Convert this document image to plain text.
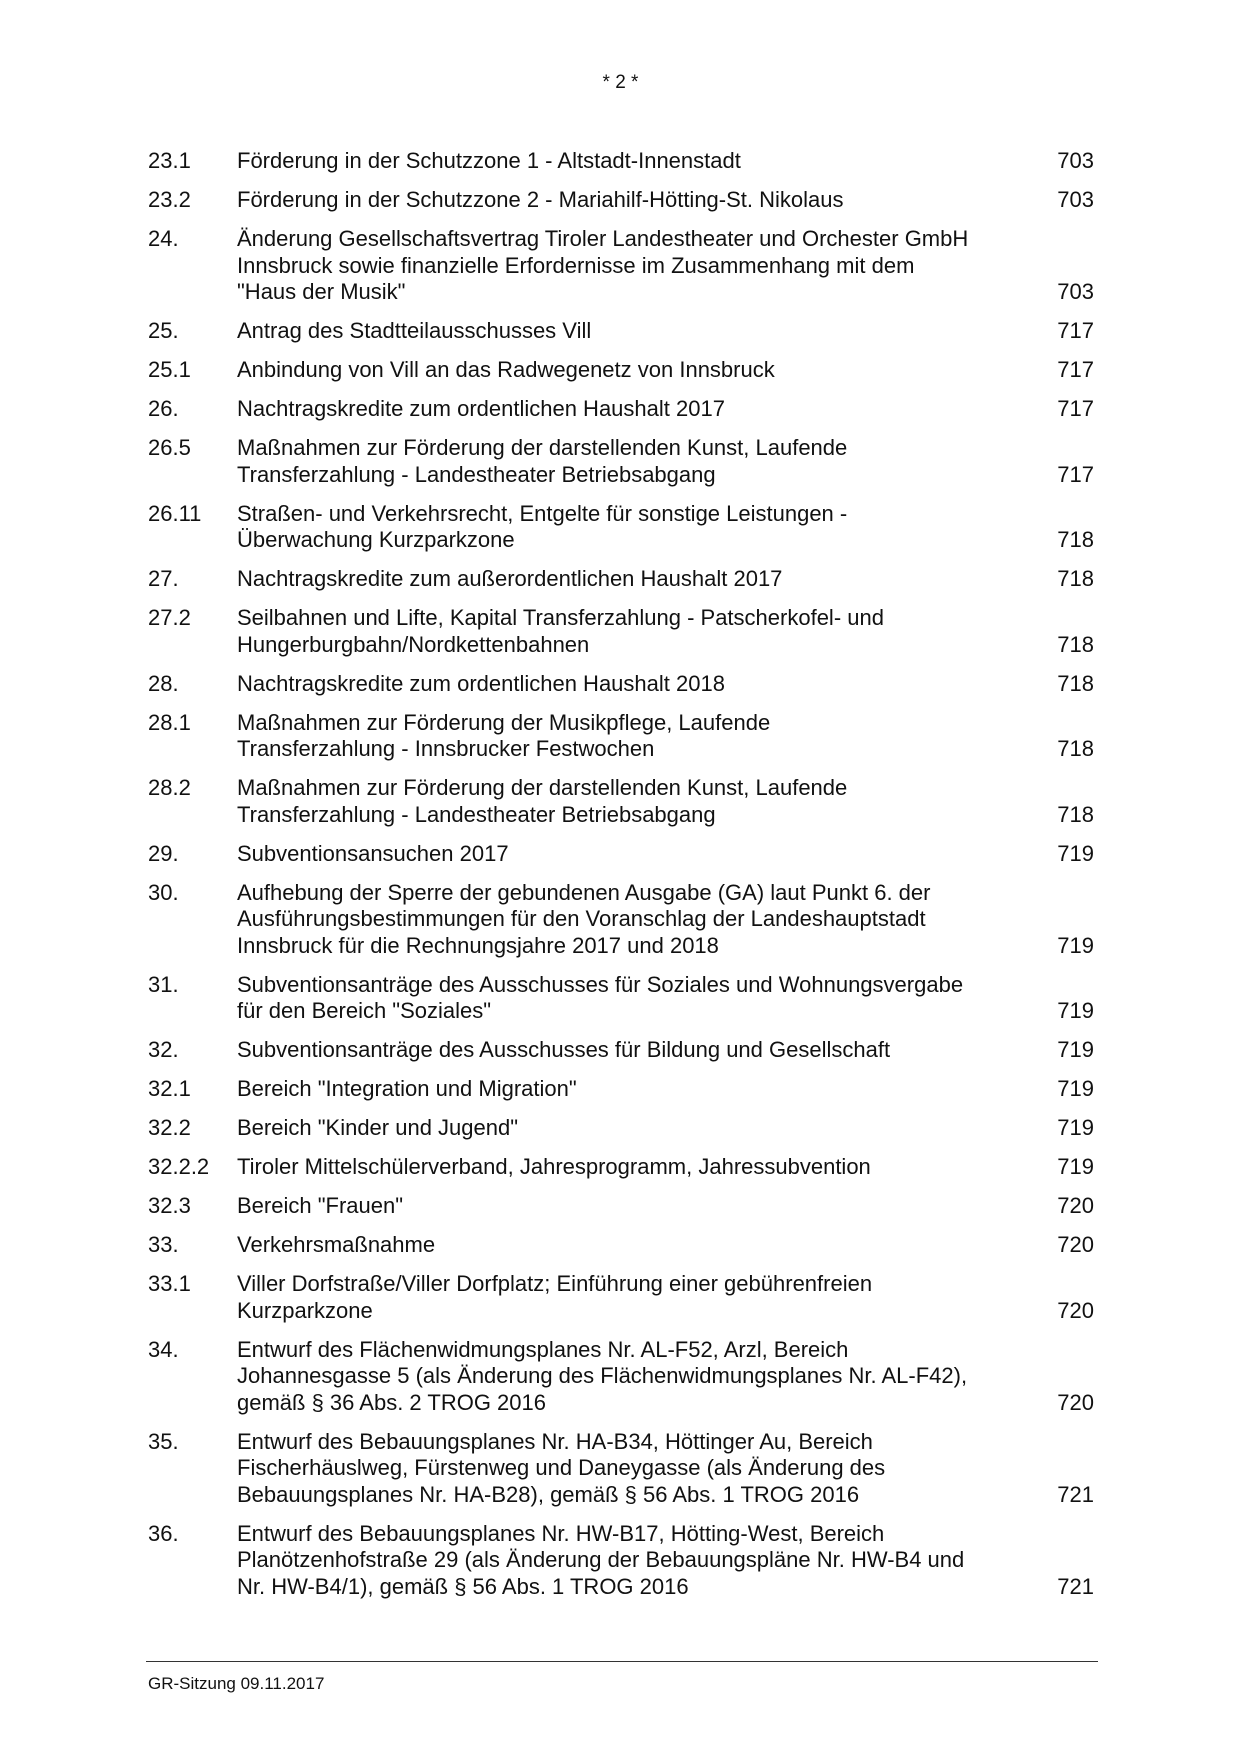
* 2 *
23.1	Förderung in der Schutzzone 1 - Altstadt-Innenstadt	703
23.2	Förderung in der Schutzzone 2 - Mariahilf-Hötting-St. Nikolaus	703
24.	Änderung Gesellschaftsvertrag Tiroler Landestheater und Orchester GmbH
Innsbruck sowie finanzielle Erfordernisse im Zusammenhang mit dem
"Haus der Musik"	703
25.	Antrag des Stadtteilausschusses Vill	717
25.1	Anbindung von Vill an das Radwegenetz von Innsbruck	717
26.	Nachtragskredite zum ordentlichen Haushalt 2017	717
26.5	Maßnahmen zur Förderung der darstellenden Kunst, Laufende
Transferzahlung - Landestheater Betriebsabgang	717
26.11	Straßen- und Verkehrsrecht, Entgelte für sonstige Leistungen -
Überwachung Kurzparkzone	718
27.	Nachtragskredite zum außerordentlichen Haushalt 2017	718
27.2	Seilbahnen und Lifte, Kapital Transferzahlung - Patscherkofel- und
Hungerburgbahn/Nordkettenbahnen	718
28.	Nachtragskredite zum ordentlichen Haushalt 2018	718
28.1	Maßnahmen zur Förderung der Musikpflege, Laufende
Transferzahlung - Innsbrucker Festwochen	718
28.2	Maßnahmen zur Förderung der darstellenden Kunst, Laufende
Transferzahlung - Landestheater Betriebsabgang	718
29.	Subventionsansuchen 2017	719
30.	Aufhebung der Sperre der gebundenen Ausgabe (GA) laut Punkt 6. der
Ausführungsbestimmungen für den Voranschlag der Landeshauptstadt
Innsbruck für die Rechnungsjahre 2017 und 2018	719
31.	Subventionsanträge des Ausschusses für Soziales und Wohnungsvergabe
für den Bereich "Soziales"	719
32.	Subventionsanträge des Ausschusses für Bildung und Gesellschaft	719
32.1	Bereich "Integration und Migration"	719
32.2	Bereich "Kinder und Jugend"	719
32.2.2	Tiroler Mittelschülerverband, Jahresprogramm, Jahressubvention	719
32.3	Bereich "Frauen"	720
33.	Verkehrsmaßnahme	720
33.1	Viller Dorfstraße/Viller Dorfplatz; Einführung einer gebührenfreien
Kurzparkzone	720
34.	Entwurf des Flächenwidmungsplanes Nr. AL-F52, Arzl, Bereich
Johannesgasse 5 (als Änderung des Flächenwidmungsplanes Nr. AL-F42),
gemäß § 36 Abs. 2 TROG 2016	720
35.	Entwurf des Bebauungsplanes Nr. HA-B34, Höttinger Au, Bereich
Fischerhäuslweg, Fürstenweg und Daneygasse (als Änderung des
Bebauungsplanes Nr. HA-B28), gemäß § 56 Abs. 1 TROG 2016	721
36.	Entwurf des Bebauungsplanes Nr. HW-B17, Hötting-West, Bereich
Planötzenhofstraße 29 (als Änderung der Bebauungspläne Nr. HW-B4 und
Nr. HW-B4/1), gemäß § 56 Abs. 1 TROG 2016	721
GR-Sitzung 09.11.2017
